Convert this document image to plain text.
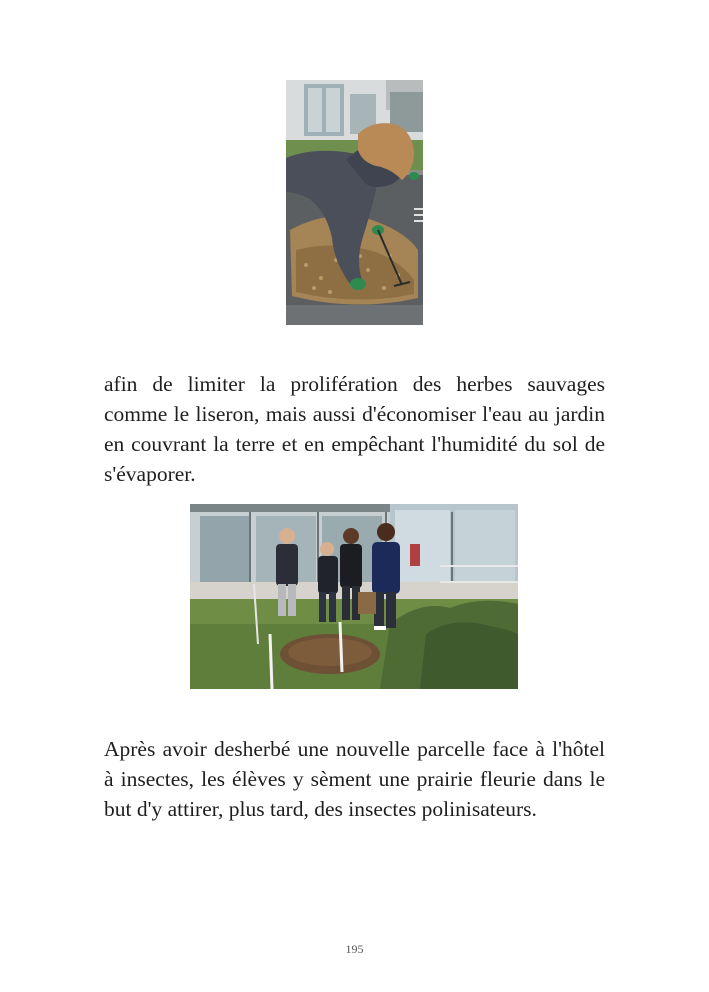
afin de limiter la prolifération des herbes sauvages comme le liseron, mais aussi d'économiser l'eau au jardin en couvrant la terre et en empêchant l'humidité du sol de s'évaporer.

Après avoir desherbé une nouvelle parcelle face à l'hôtel à insectes, les élèves y sèment une prairie fleurie dans le but d'y attirer, plus tard, des insectes polinisateurs.

195
